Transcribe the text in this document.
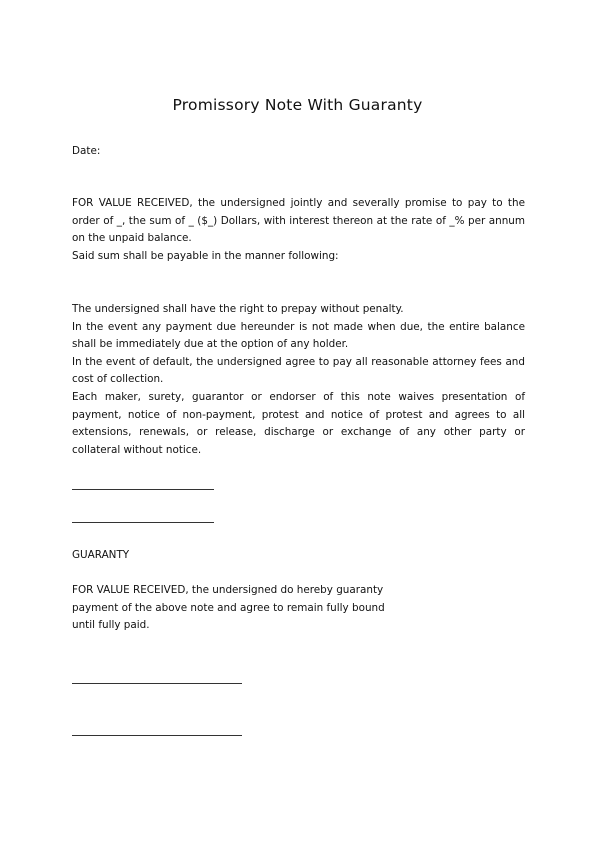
Promissory Note With Guaranty
Date:

FOR VALUE RECEIVED, the undersigned jointly and severally promise to pay to the order of _, the sum of _ ($_) Dollars, with interest thereon at the rate of _% per annum on the unpaid balance.

Said sum shall be payable in the manner following:

The undersigned shall have the right to prepay without penalty.

In the event any payment due hereunder is not made when due, the entire balance shall be immediately due at the option of any holder.

In the event of default, the undersigned agree to pay all reasonable attorney fees and cost of collection.

Each maker, surety, guarantor or endorser of this note waives presentation of payment, notice of non-payment, protest and notice of protest and agrees to all extensions, renewals, or release, discharge or exchange of any other party or collateral without notice.

GUARANTY
FOR VALUE RECEIVED, the undersigned do hereby guaranty
payment of the above note and agree to remain fully bound
until fully paid.
